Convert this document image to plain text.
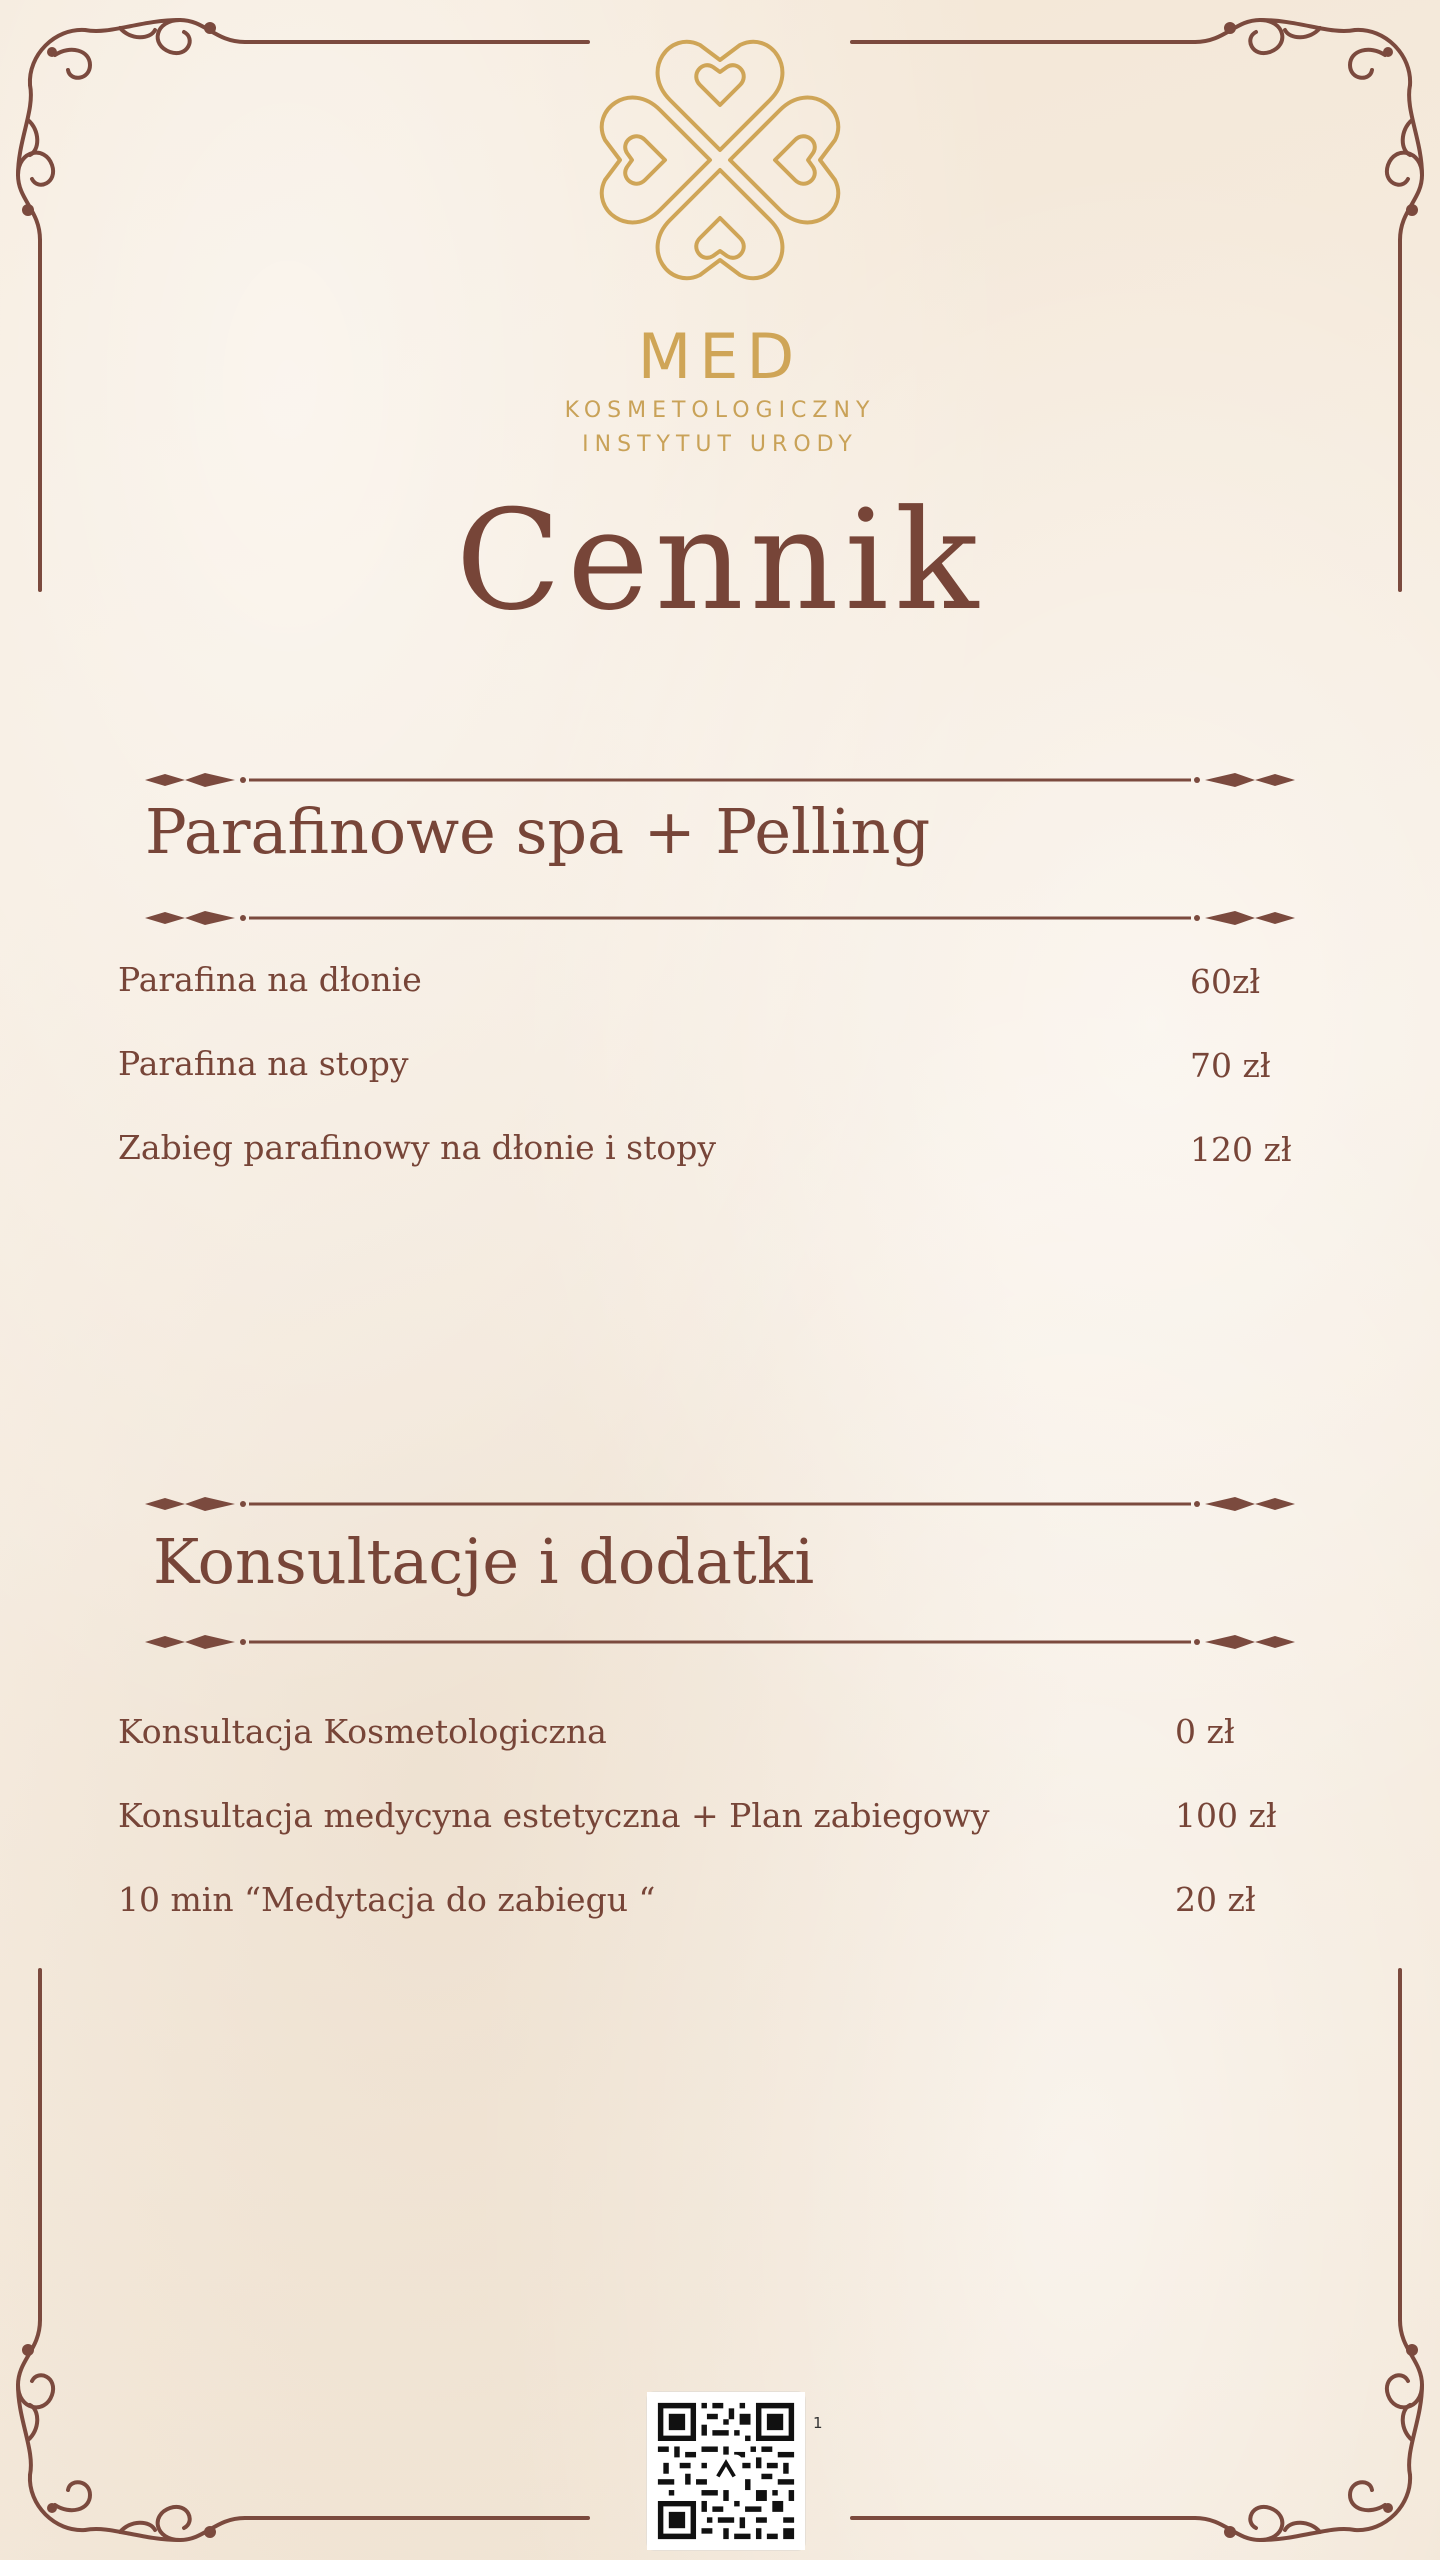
MED
KOSMETOLOGICZNY
INSTYTUT URODY
Cennik
Parafinowe spa + Pelling
Parafina na dłonie	60zł
Parafina na stopy	70 zł
Zabieg parafinowy na dłonie i stopy	120 zł
Konsultacje i dodatki
Konsultacja Kosmetologiczna	0 zł
Konsultacja medycyna estetyczna + Plan zabiegowy	100 zł
10 min “Medytacja do zabiegu “	20 zł
1
